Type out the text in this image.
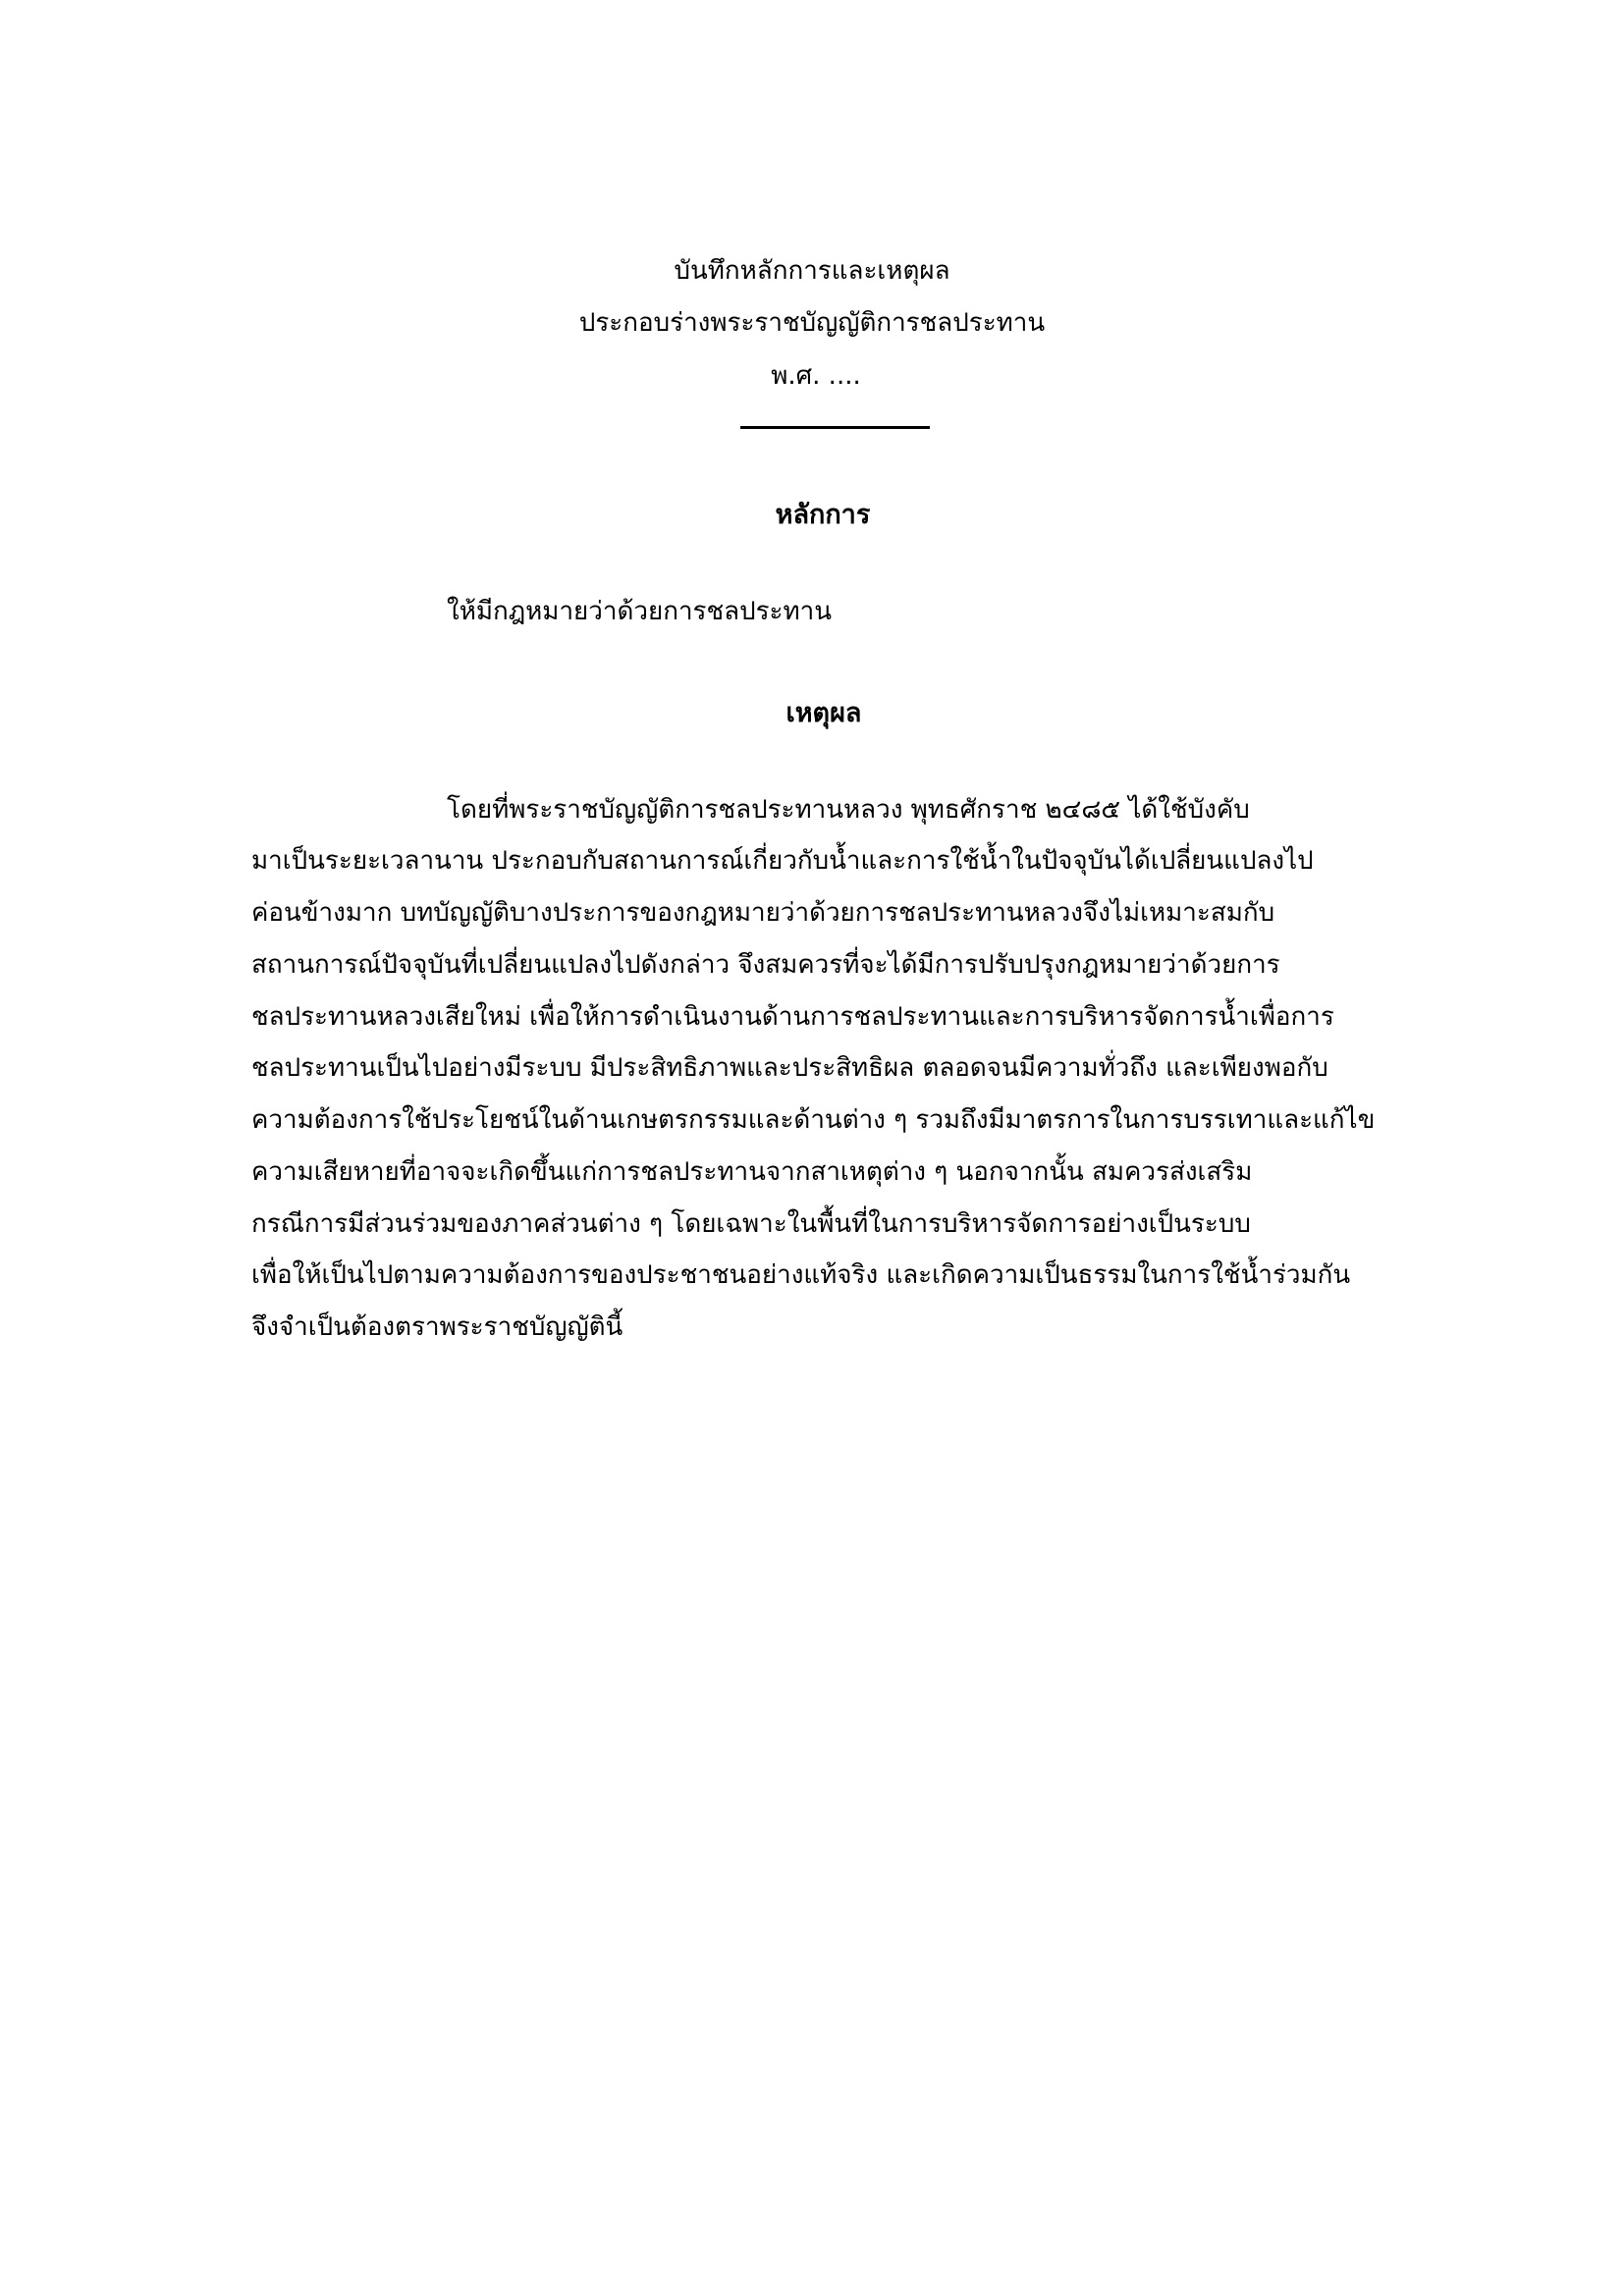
บันทึกหลักการและเหตุผล
ประกอบร่างพระราชบัญญัติการชลประทาน
พ.ศ. ....
หลักการ
ให้มีกฎหมายว่าด้วยการชลประทาน
เหตุผล
โดยที่พระราชบัญญัติการชลประทานหลวง พุทธศักราช ๒๔๘๕ ได้ใช้บังคับ
มาเป็นระยะเวลานาน ประกอบกับสถานการณ์เกี่ยวกับน้ำและการใช้น้ำในปัจจุบันได้เปลี่ยนแปลงไป
ค่อนข้างมาก บทบัญญัติบางประการของกฎหมายว่าด้วยการชลประทานหลวงจึงไม่เหมาะสมกับ
สถานการณ์ปัจจุบันที่เปลี่ยนแปลงไปดังกล่าว จึงสมควรที่จะได้มีการปรับปรุงกฎหมายว่าด้วยการ
ชลประทานหลวงเสียใหม่ เพื่อให้การดำเนินงานด้านการชลประทานและการบริหารจัดการน้ำเพื่อการ
ชลประทานเป็นไปอย่างมีระบบ มีประสิทธิภาพและประสิทธิผล ตลอดจนมีความทั่วถึง และเพียงพอกับ
ความต้องการใช้ประโยชน์ในด้านเกษตรกรรมและด้านต่าง ๆ รวมถึงมีมาตรการในการบรรเทาและแก้ไข
ความเสียหายที่อาจจะเกิดขึ้นแก่การชลประทานจากสาเหตุต่าง ๆ นอกจากนั้น สมควรส่งเสริม
กรณีการมีส่วนร่วมของภาคส่วนต่าง ๆ โดยเฉพาะในพื้นที่ในการบริหารจัดการอย่างเป็นระบบ
เพื่อให้เป็นไปตามความต้องการของประชาชนอย่างแท้จริง และเกิดความเป็นธรรมในการใช้น้ำร่วมกัน
จึงจำเป็นต้องตราพระราชบัญญัตินี้
